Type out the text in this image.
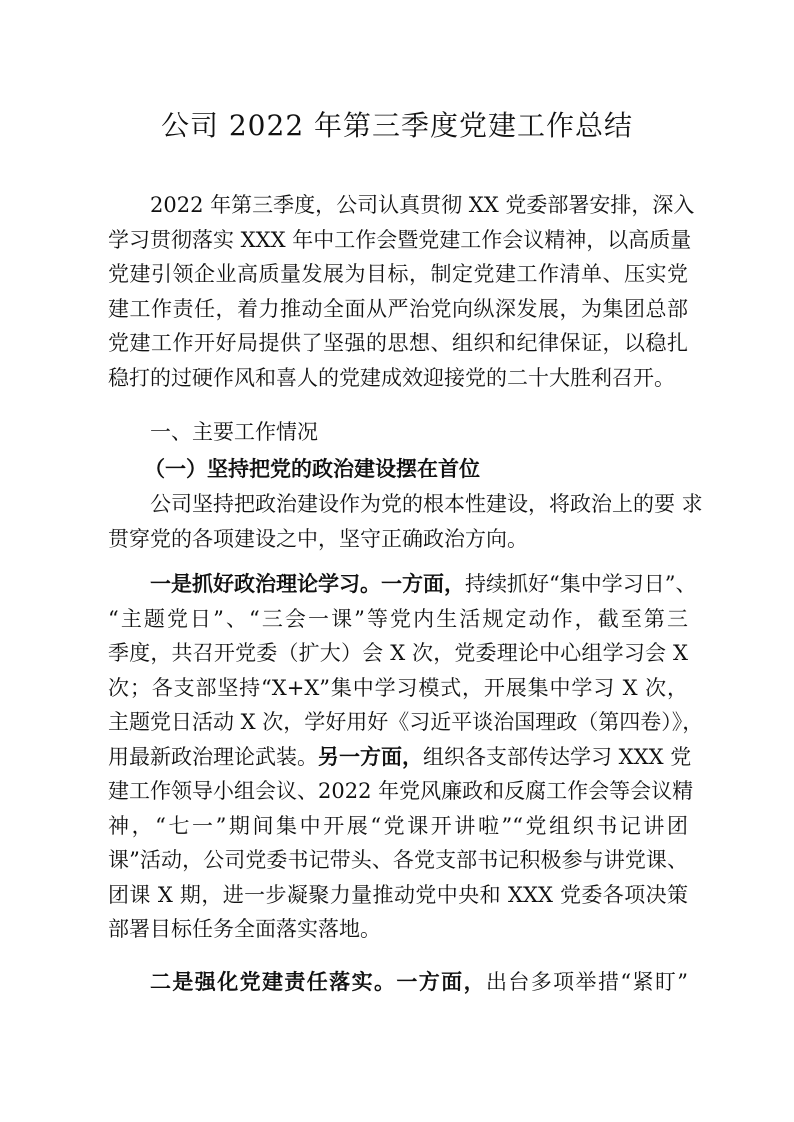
公司 2022 年第三季度党建工作总结
2022 年第三季度，公司认真贯彻 XX 党委部署安排，深入
学习贯彻落实 XXX 年中工作会暨党建工作会议精神，以高质量
党建引领企业高质量发展为目标，制定党建工作清单、压实党
建工作责任，着力推动全面从严治党向纵深发展，为集团总部
党建工作开好局提供了坚强的思想、组织和纪律保证，以稳扎
稳打的过硬作风和喜人的党建成效迎接党的二十大胜利召开。
一、主要工作情况
（一）坚持把党的政治建设摆在首位
公司坚持把政治建设作为党的根本性建设，将政治上的要 求
贯穿党的各项建设之中，坚守正确政治方向。
一是抓好政治理论学习。一方面，持续抓好“集中学习日”、
“主题党日”、“三会一课”等党内生活规定动作，截至第三
季度，共召开党委（扩大）会 X 次，党委理论中心组学习会 X
次；各支部坚持“X+X”集中学习模式，开展集中学习 X 次，
主题党日活动 X 次，学好用好《习近平谈治国理政（第四卷）》，
用最新政治理论武装。另一方面，组织各支部传达学习 XXX 党
建工作领导小组会议、2022 年党风廉政和反腐工作会等会议精
神，“七一”期间集中开展“党课开讲啦”“党组织书记讲团
课”活动，公司党委书记带头、各党支部书记积极参与讲党课、
团课 X 期，进一步凝聚力量推动党中央和 XXX 党委各项决策
部署目标任务全面落实落地。
二是强化党建责任落实。一方面，出台多项举措“紧盯”
